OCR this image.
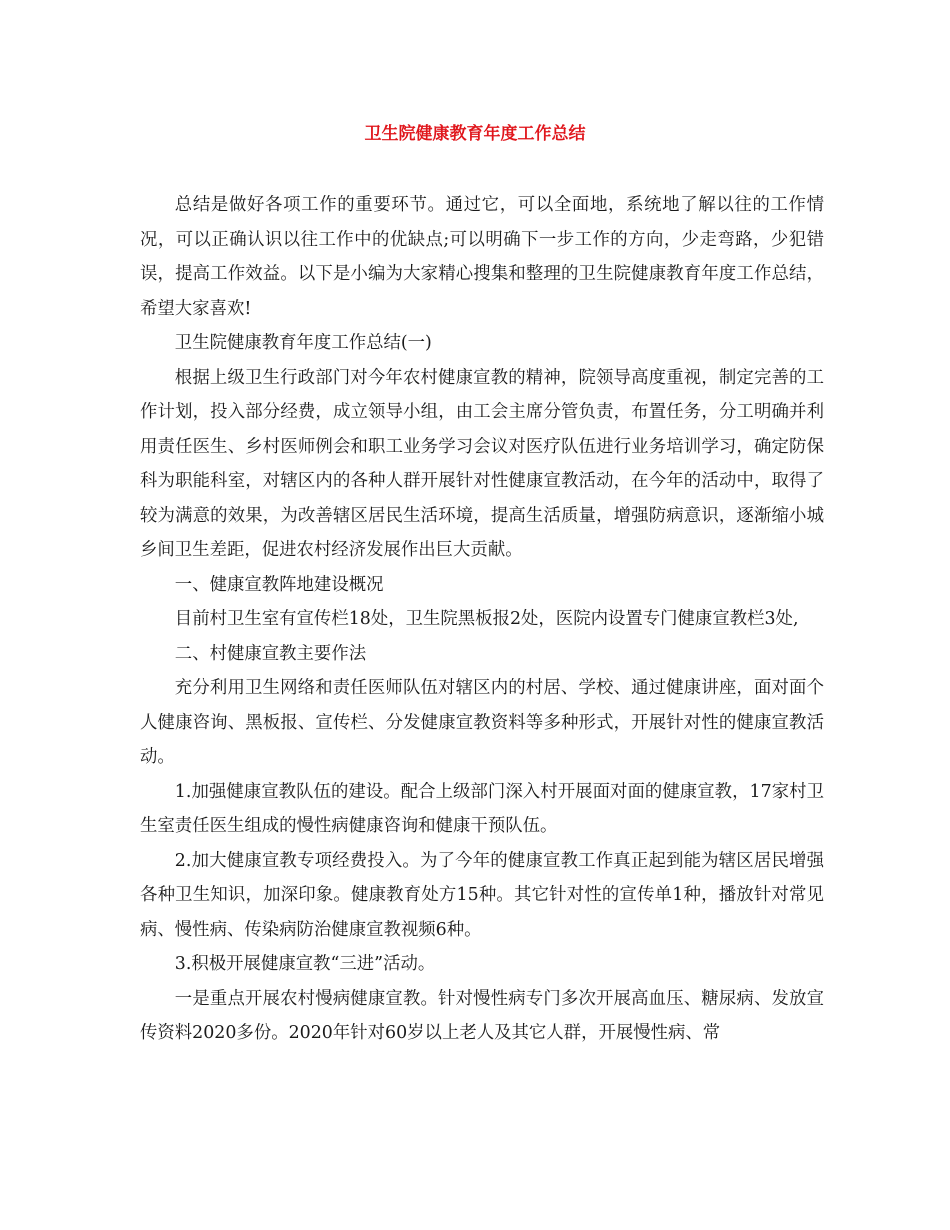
卫生院健康教育年度工作总结

总结是做好各项工作的重要环节。通过它，可以全面地，系统地了解以往的工作情况，可以正确认识以往工作中的优缺点;可以明确下一步工作的方向，少走弯路，少犯错误，提高工作效益。以下是小编为大家精心搜集和整理的卫生院健康教育年度工作总结，希望大家喜欢!

卫生院健康教育年度工作总结(一)

根据上级卫生行政部门对今年农村健康宣教的精神，院领导高度重视，制定完善的工作计划，投入部分经费，成立领导小组，由工会主席分管负责，布置任务，分工明确并利用责任医生、乡村医师例会和职工业务学习会议对医疗队伍进行业务培训学习，确定防保科为职能科室，对辖区内的各种人群开展针对性健康宣教活动，在今年的活动中，取得了较为满意的效果，为改善辖区居民生活环境，提高生活质量，增强防病意识，逐渐缩小城乡间卫生差距，促进农村经济发展作出巨大贡献。

一、健康宣教阵地建设概况

目前村卫生室有宣传栏18处，卫生院黑板报2处，医院内设置专门健康宣教栏3处,

二、村健康宣教主要作法

充分利用卫生网络和责任医师队伍对辖区内的村居、学校、通过健康讲座，面对面个人健康咨询、黑板报、宣传栏、分发健康宣教资料等多种形式，开展针对性的健康宣教活动。

1.加强健康宣教队伍的建设。配合上级部门深入村开展面对面的健康宣教，17家村卫生室责任医生组成的慢性病健康咨询和健康干预队伍。

2.加大健康宣教专项经费投入。为了今年的健康宣教工作真正起到能为辖区居民增强各种卫生知识，加深印象。健康教育处方15种。其它针对性的宣传单1种，播放针对常见病、慢性病、传染病防治健康宣教视频6种。

3.积极开展健康宣教“三进”活动。

一是重点开展农村慢病健康宣教。针对慢性病专门多次开展高血压、糖尿病、发放宣传资料2020多份。2020年针对60岁以上老人及其它人群，开展慢性病、常
